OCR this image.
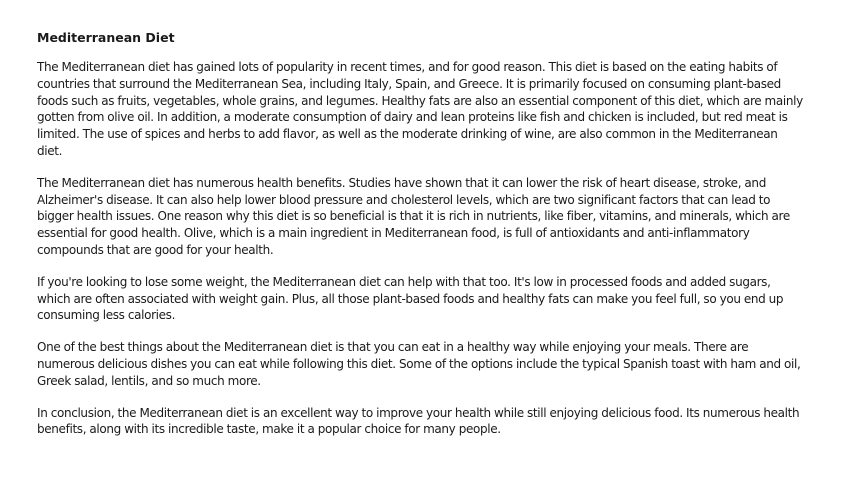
Mediterranean Diet

The Mediterranean diet has gained lots of popularity in recent times, and for good reason. This diet is based on the eating habits of countries that surround the Mediterranean Sea, including Italy, Spain, and Greece. It is primarily focused on consuming plant-based foods such as fruits, vegetables, whole grains, and legumes. Healthy fats are also an essential component of this diet, which are mainly gotten from olive oil. In addition, a moderate consumption of dairy and lean proteins like fish and chicken is included, but red meat is limited. The use of spices and herbs to add flavor, as well as the moderate drinking of wine, are also common in the Mediterranean diet.

The Mediterranean diet has numerous health benefits. Studies have shown that it can lower the risk of heart disease, stroke, and Alzheimer's disease. It can also help lower blood pressure and cholesterol levels, which are two significant factors that can lead to bigger health issues. One reason why this diet is so beneficial is that it is rich in nutrients, like fiber, vitamins, and minerals, which are essential for good health. Olive, which is a main ingredient in Mediterranean food, is full of antioxidants and anti-inflammatory compounds that are good for your health.

If you're looking to lose some weight, the Mediterranean diet can help with that too. It's low in processed foods and added sugars, which are often associated with weight gain. Plus, all those plant-based foods and healthy fats can make you feel full, so you end up consuming less calories.

One of the best things about the Mediterranean diet is that you can eat in a healthy way while enjoying your meals. There are numerous delicious dishes you can eat while following this diet. Some of the options include the typical Spanish toast with ham and oil, Greek salad, lentils, and so much more.

In conclusion, the Mediterranean diet is an excellent way to improve your health while still enjoying delicious food. Its numerous health benefits, along with its incredible taste, make it a popular choice for many people.
